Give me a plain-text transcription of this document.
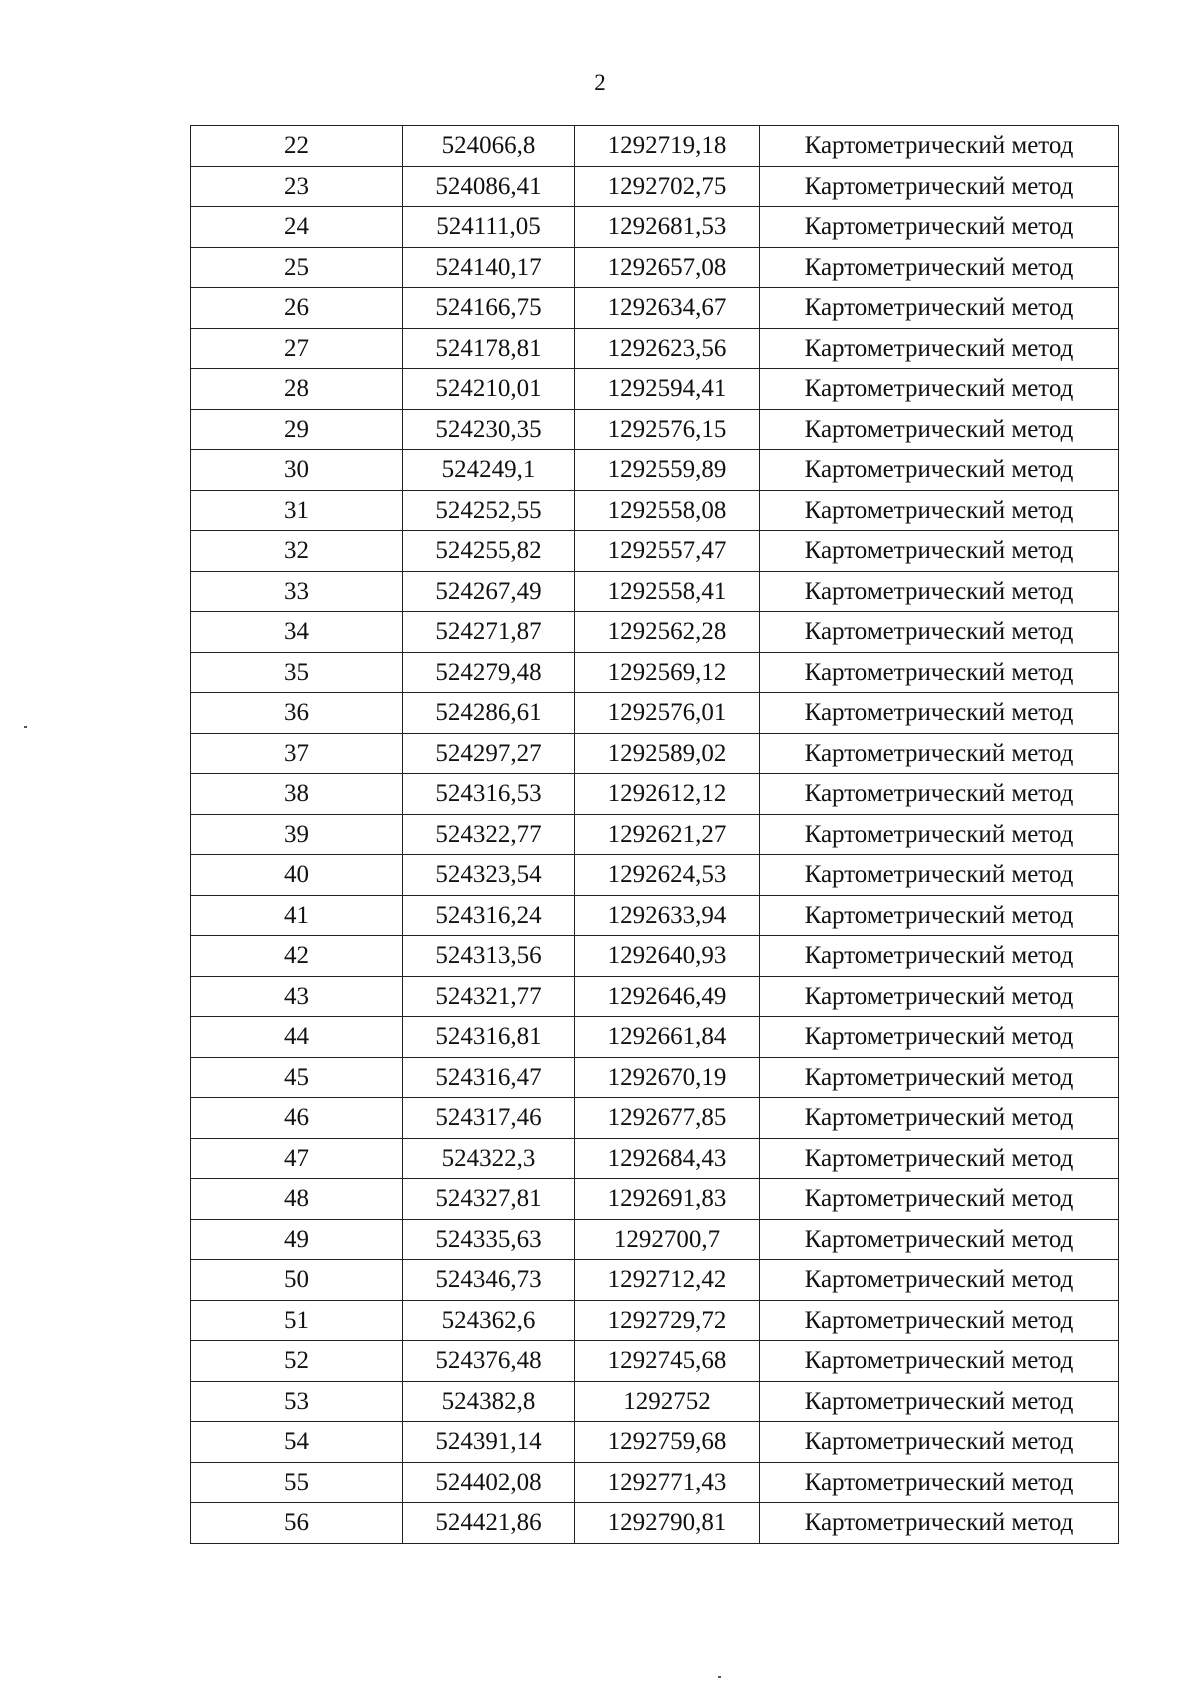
2
22	524066,8	1292719,18	Картометрический метод
23	524086,41	1292702,75	Картометрический метод
24	524111,05	1292681,53	Картометрический метод
25	524140,17	1292657,08	Картометрический метод
26	524166,75	1292634,67	Картометрический метод
27	524178,81	1292623,56	Картометрический метод
28	524210,01	1292594,41	Картометрический метод
29	524230,35	1292576,15	Картометрический метод
30	524249,1	1292559,89	Картометрический метод
31	524252,55	1292558,08	Картометрический метод
32	524255,82	1292557,47	Картометрический метод
33	524267,49	1292558,41	Картометрический метод
34	524271,87	1292562,28	Картометрический метод
35	524279,48	1292569,12	Картометрический метод
36	524286,61	1292576,01	Картометрический метод
37	524297,27	1292589,02	Картометрический метод
38	524316,53	1292612,12	Картометрический метод
39	524322,77	1292621,27	Картометрический метод
40	524323,54	1292624,53	Картометрический метод
41	524316,24	1292633,94	Картометрический метод
42	524313,56	1292640,93	Картометрический метод
43	524321,77	1292646,49	Картометрический метод
44	524316,81	1292661,84	Картометрический метод
45	524316,47	1292670,19	Картометрический метод
46	524317,46	1292677,85	Картометрический метод
47	524322,3	1292684,43	Картометрический метод
48	524327,81	1292691,83	Картометрический метод
49	524335,63	1292700,7	Картометрический метод
50	524346,73	1292712,42	Картометрический метод
51	524362,6	1292729,72	Картометрический метод
52	524376,48	1292745,68	Картометрический метод
53	524382,8	1292752	Картометрический метод
54	524391,14	1292759,68	Картометрический метод
55	524402,08	1292771,43	Картометрический метод
56	524421,86	1292790,81	Картометрический метод
